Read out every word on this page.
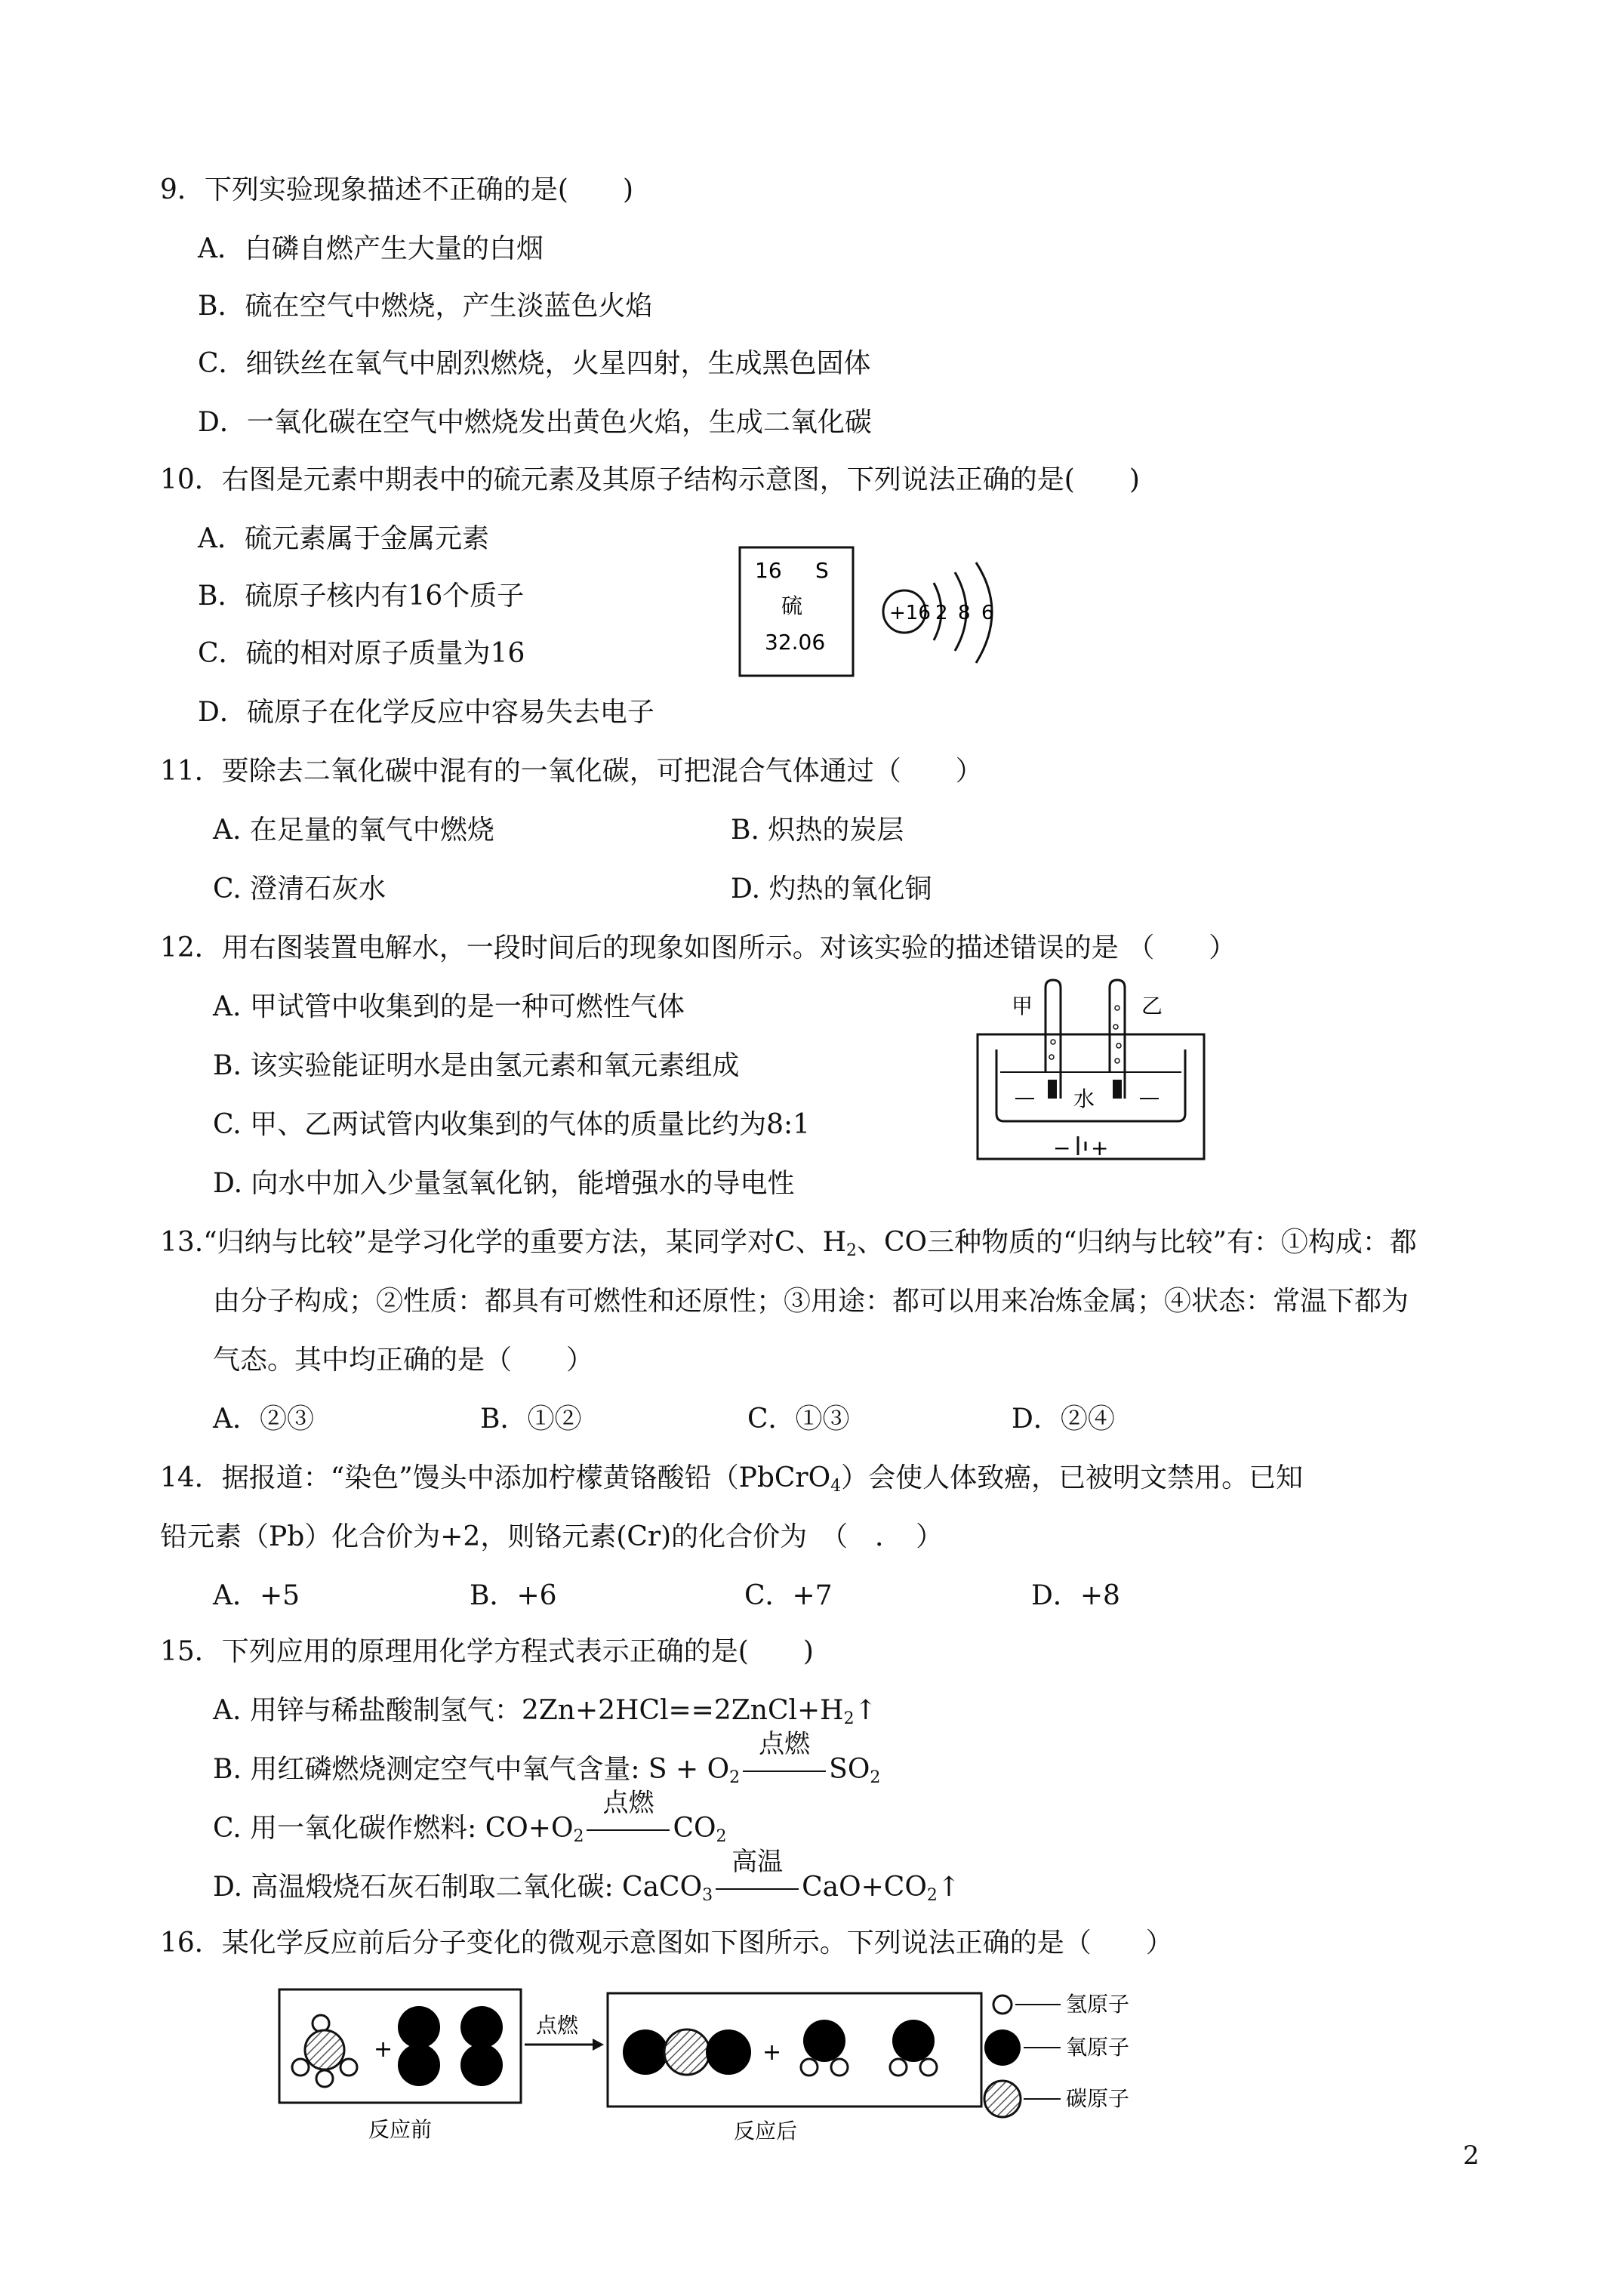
9．下列实验现象描述不正确的是(　　)
A．白磷自燃产生大量的白烟
B．硫在空气中燃烧，产生淡蓝色火焰
C．细铁丝在氧气中剧烈燃烧，火星四射，生成黑色固体
D．一氧化碳在空气中燃烧发出黄色火焰，生成二氧化碳
10．右图是元素中期表中的硫元素及其原子结构示意图，下列说法正确的是(　　)
A．硫元素属于金属元素
B．硫原子核内有16个质子
C．硫的相对原子质量为16
D．硫原子在化学反应中容易失去电子
16 S
硫
32.06
+16 2 8 6
11．要除去二氧化碳中混有的一氧化碳，可把混合气体通过（　　）
A. 在足量的氧气中燃烧	B. 炽热的炭层
C. 澄清石灰水	D. 灼热的氧化铜
12．用右图装置电解水，一段时间后的现象如图所示。对该实验的描述错误的是 （　　）
A. 甲试管中收集到的是一种可燃性气体
B. 该实验能证明水是由氢元素和氧元素组成
C. 甲、乙两试管内收集到的气体的质量比约为8:1
D. 向水中加入少量氢氧化钠，能增强水的导电性
甲	乙
水
− +
13.“归纳与比较”是学习化学的重要方法，某同学对C、$H_2$、CO三种物质的“归纳与比较”有：①构成：都
由分子构成；②性质：都具有可燃性和还原性；③用途：都可以用来冶炼金属；④状态：常温下都为
气态。其中均正确的是（　　）
A．②③	B．①②	C．①③	D．②④
14．据报道：“染色”馒头中添加柠檬黄铬酸铅（PbCrO$_4$）会使人体致癌，已被明文禁用。已知
铅元素（Pb）化合价为+2，则铬元素(Cr)的化合价为　（　．　）
A．+5	B．+6	C．+7	D．+8
15．下列应用的原理用化学方程式表示正确的是(　　)
A. 用锌与稀盐酸制氢气：$2Zn+2HCl==2ZnCl+H_2↑$
B. 用红磷燃烧测定空气中氧气含量: $S + O_2$
点燃
$SO_2$
C. 用一氧化碳作燃料: $CO+O_2$
点燃
$CO_2$
D. 高温煅烧石灰石制取二氧化碳: CaCO$_3$
高温
$CaO+CO_2↑$
16．某化学反应前后分子变化的微观示意图如下图所示。下列说法正确的是（　　）
+
反应前
点燃
+
反应后
氢原子
氧原子
碳原子
2
